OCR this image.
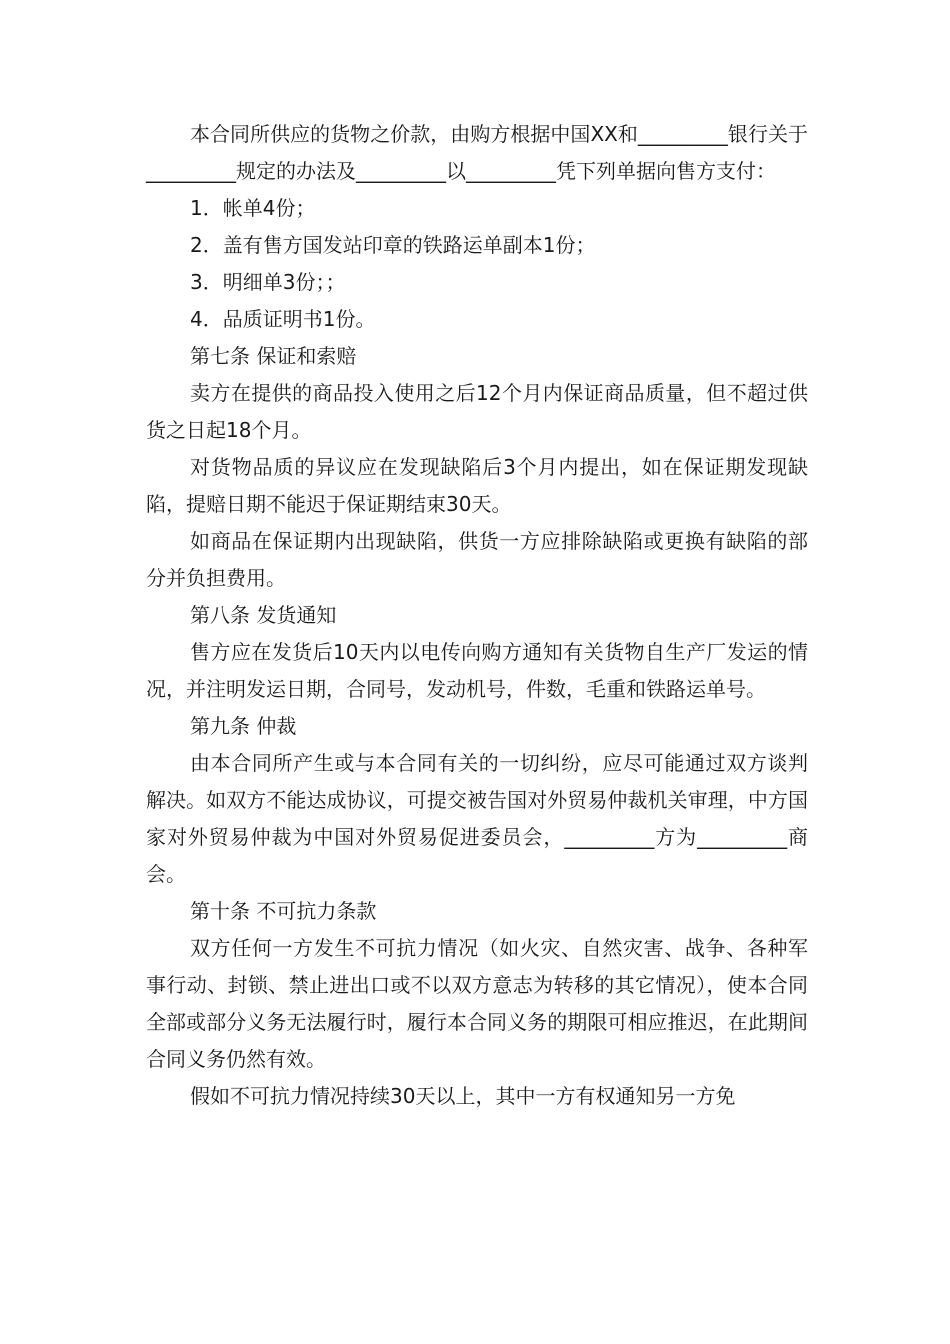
本合同所供应的货物之价款，由购方根据中国XX和_________银行关于_________规定的办法及_________以_________凭下列单据向售方支付：

1．帐单4份；

2．盖有售方国发站印章的铁路运单副本1份；

3．明细单3份；；

4．品质证明书1份。

第七条 保证和索赔

卖方在提供的商品投入使用之后12个月内保证商品质量，但不超过供货之日起18个月。

对货物品质的异议应在发现缺陷后3个月内提出，如在保证期发现缺陷，提赔日期不能迟于保证期结束30天。

如商品在保证期内出现缺陷，供货一方应排除缺陷或更换有缺陷的部分并负担费用。

第八条 发货通知

售方应在发货后10天内以电传向购方通知有关货物自生产厂发运的情况，并注明发运日期，合同号，发动机号，件数，毛重和铁路运单号。

第九条 仲裁

由本合同所产生或与本合同有关的一切纠纷，应尽可能通过双方谈判解决。如双方不能达成协议，可提交被告国对外贸易仲裁机关审理，中方国家对外贸易仲裁为中国对外贸易促进委员会，_________方为_________商会。

第十条 不可抗力条款

双方任何一方发生不可抗力情况（如火灾、自然灾害、战争、各种军事行动、封锁、禁止进出口或不以双方意志为转移的其它情况），使本合同全部或部分义务无法履行时，履行本合同义务的期限可相应推迟，在此期间合同义务仍然有效。

假如不可抗力情况持续30天以上，其中一方有权通知另一方免
